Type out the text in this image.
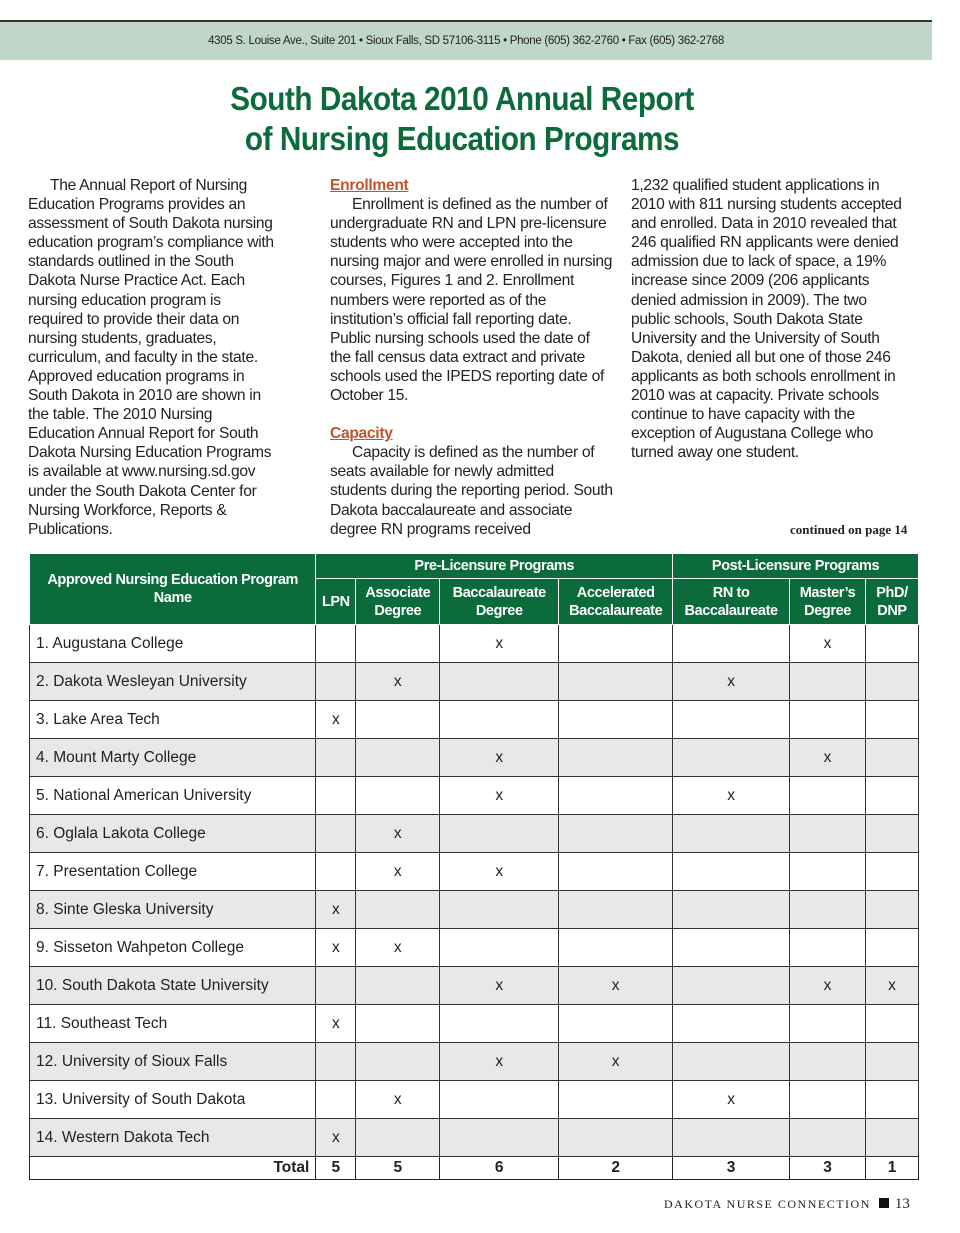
4305 S. Louise Ave., Suite 201 • Sioux Falls, SD 57106-3115 • Phone (605) 362-2760 • Fax (605) 362-2768
South Dakota 2010 Annual Report
of Nursing Education Programs

The Annual Report of Nursing Education Programs provides an assessment of South Dakota nursing education program’s compliance with standards outlined in the South Dakota Nurse Practice Act. Each nursing education program is required to provide their data on nursing students, graduates, curriculum, and faculty in the state. Approved education programs in South Dakota in 2010 are shown in the table. The 2010 Nursing Education Annual Report for South Dakota Nursing Education Programs is available at www.nursing.sd.gov under the South Dakota Center for Nursing Workforce, Reports & Publications.

Enrollment

Enrollment is defined as the number of undergraduate RN and LPN pre-licensure students who were accepted into the nursing major and were enrolled in nursing courses, Figures 1 and 2. Enrollment numbers were reported as of the institution’s official fall reporting date. Public nursing schools used the date of the fall census data extract and private schools used the IPEDS reporting date of October 15.

Capacity

Capacity is defined as the number of seats available for newly admitted students during the reporting period. South Dakota baccalaureate and associate degree RN programs received

1,232 qualified student applications in 2010 with 811 nursing students accepted and enrolled. Data in 2010 revealed that 246 qualified RN applicants were denied admission due to lack of space, a 19% increase since 2009 (206 applicants denied admission in 2009). The two public schools, South Dakota State University and the University of South Dakota, denied all but one of those 246 applicants as both schools enrollment in 2010 was at capacity. Private schools continue to have capacity with the exception of Augustana College who turned away one student.

continued on page 14
Approved Nursing Education Program Name	Pre-Licensure Programs				Post-Licensure Programs		
	LPN	Associate Degree	Baccalaureate Degree	Accelerated Baccalaureate	RN to Baccalaureate	Master’s Degree	PhD/ DNP
1. Augustana College			x			x	
2. Dakota Wesleyan University		x			x		
3. Lake Area Tech	x						
4. Mount Marty College			x			x	
5. National American University			x		x		
6. Oglala Lakota College		x					
7. Presentation College		x	x				
8. Sinte Gleska University	x						
9. Sisseton Wahpeton College	x	x					
10. South Dakota State University			x	x		x	x
11. Southeast Tech	x						
12. University of Sioux Falls			x	x			
13. University of South Dakota		x			x		
14. Western Dakota Tech	x						
Total	5	5	6	2	3	3	1
DAKOTA NURSE CONNECTION 13
